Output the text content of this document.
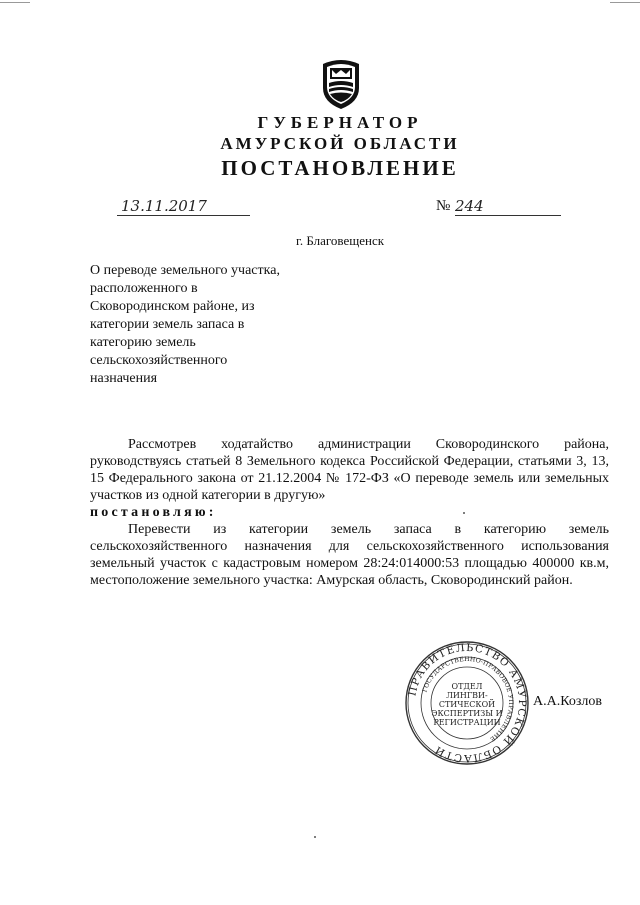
ГУБЕРНАТОР
АМУРСКОЙ ОБЛАСТИ
ПОСТАНОВЛЕНИЕ
13.11.2017	№ 244
г. Благовещенск
О переводе земельного участка,
расположенного в
Сковородинском районе, из
категории земель запаса в
категорию земель
сельскохозяйственного
назначения

Рассмотрев ходатайство администрации Сковородинского района, руководствуясь статьей 8 Земельного кодекса Российской Федерации, статьями 3, 13, 15 Федерального закона от 21.12.2004 № 172-ФЗ «О переводе земель или земельных участков из одной категории в другую»

постановляю:

Перевести из категории земель запаса в категорию земель сельскохозяйственного назначения для сельскохозяйственного использования земельный участок с кадастровым номером 28:24:014000:53 площадью 400000 кв.м, местоположение земельного участка: Амурская область, Сковородинский район.

ПРАВИТЕЛЬСТВО АМУРСКОЙ ОБЛАСТИ
ГОСУДАРСТВЕННО-ПРАВОВОЕ УПРАВЛЕНИЕ
ОТДЕЛ
ЛИНГВИ-
СТИЧЕСКОЙ
ЭКСПЕРТИЗЫ И
РЕГИСТРАЦИИ
А.А.Козлов
